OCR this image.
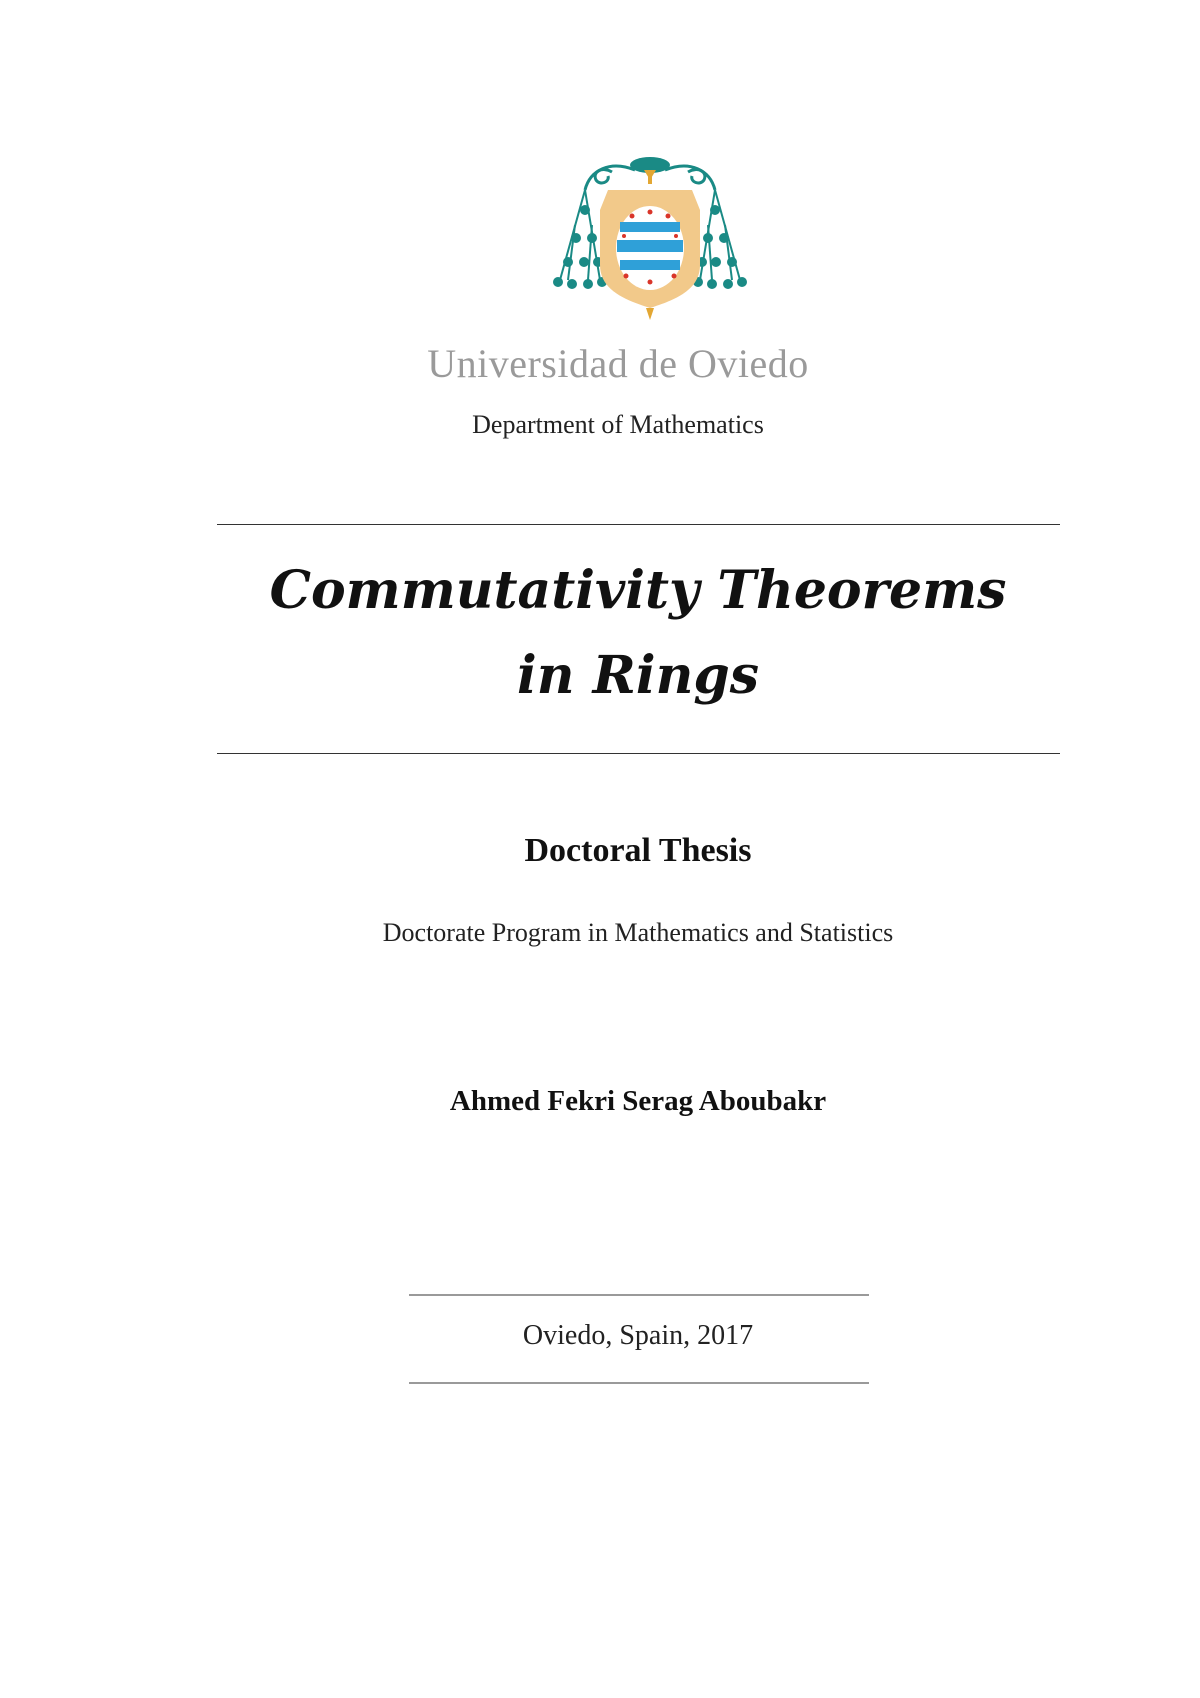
Universidad de Oviedo
Department of Mathematics
Commutativity Theorems
in Rings
Doctoral Thesis
Doctorate Program in Mathematics and Statistics
Ahmed Fekri Serag Aboubakr
Oviedo, Spain, 2017
